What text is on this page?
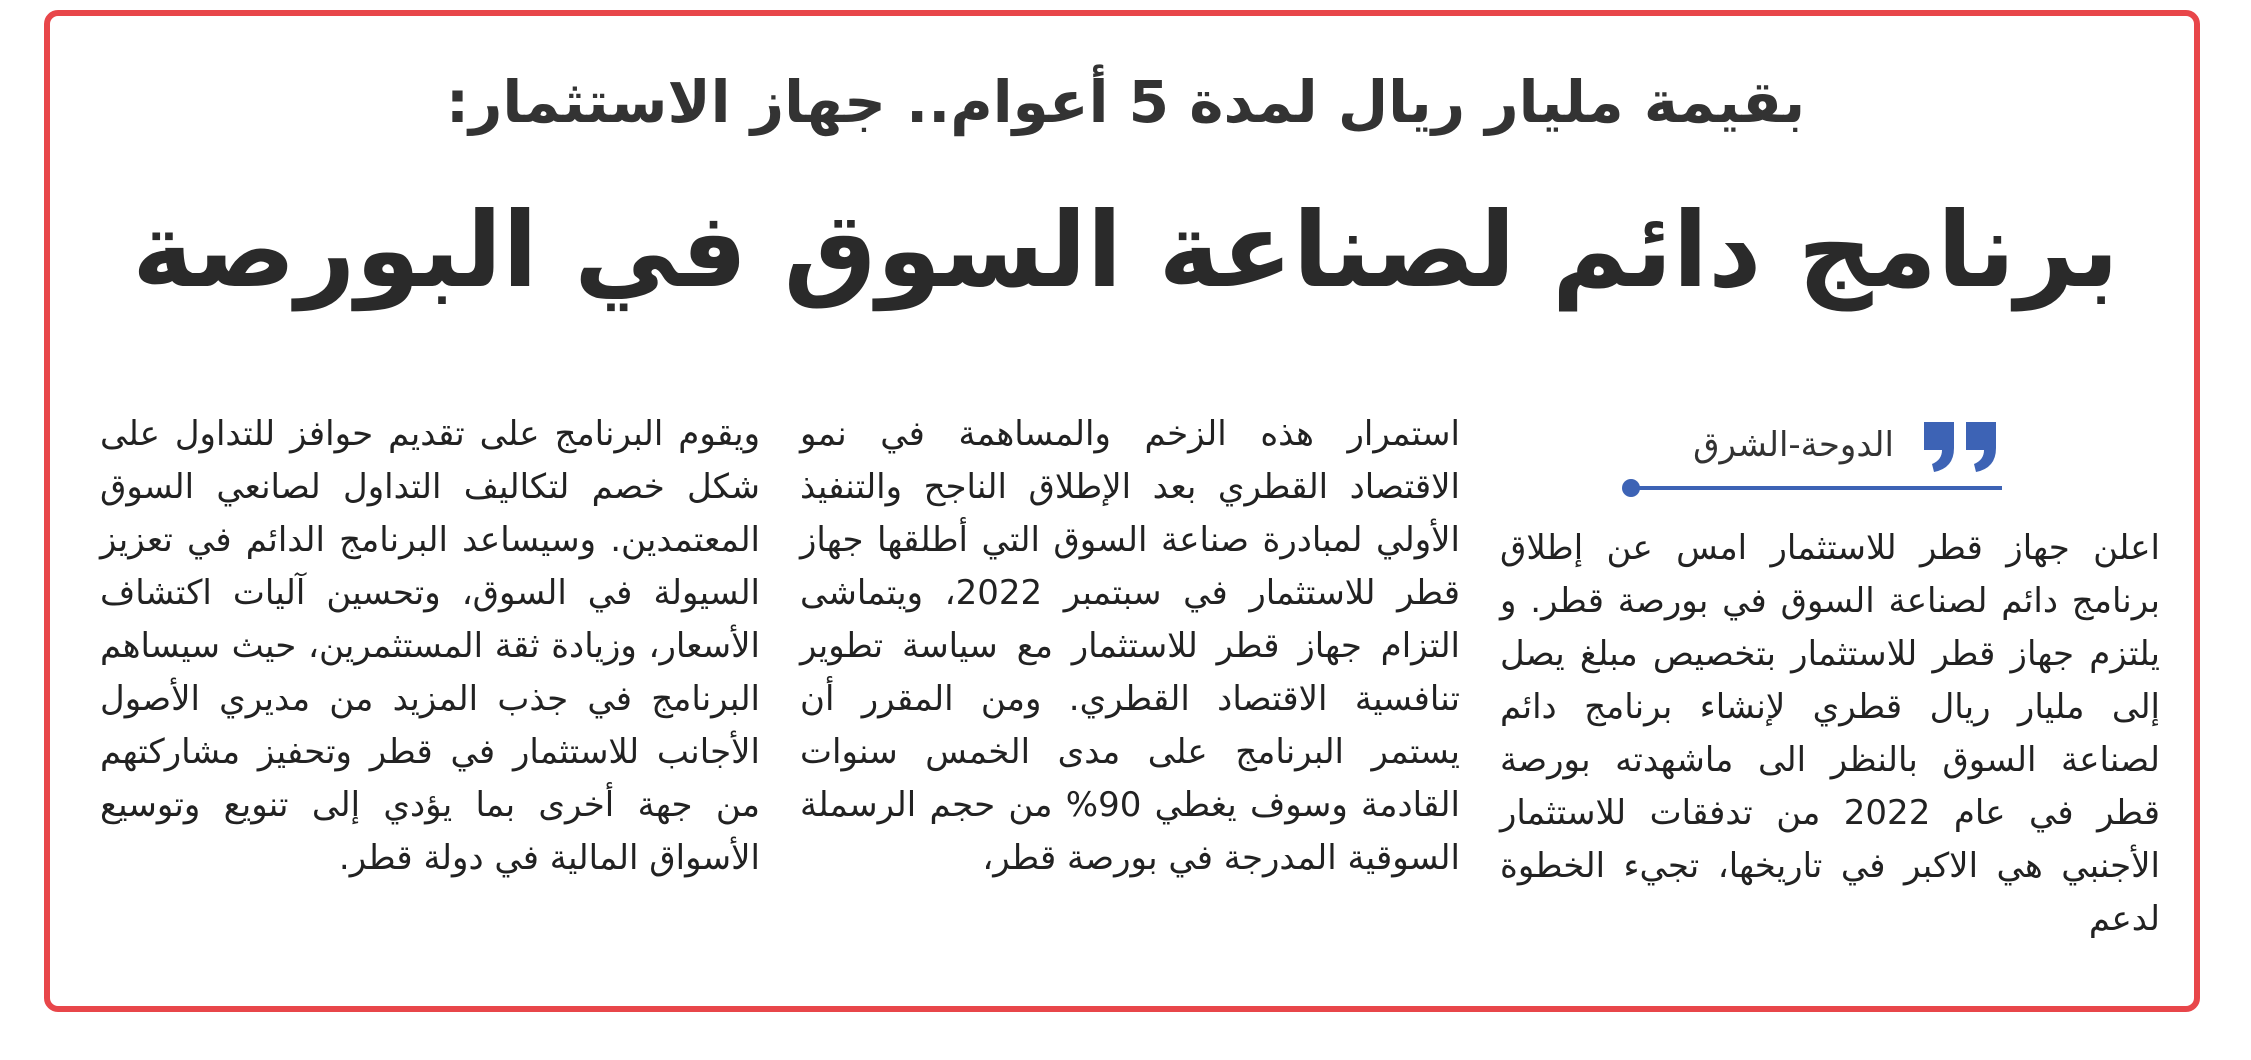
بقيمة مليار ريال لمدة 5 أعوام.. جهاز الاستثمار:
برنامج دائم لصناعة السوق في البورصة
الدوحة-الشرق

اعلن جهاز قطر للاستثمار امس عن إطلاق برنامج دائم لصناعة السوق في بورصة قطر. و يلتزم جهاز قطر للاستثمار بتخصيص مبلغ يصل إلى مليار ريال قطري لإنشاء برنامج دائم لصناعة السوق بالنظر الى ماشهدته بورصة قطر في عام 2022 من تدفقات للاستثمار الأجنبي هي الاكبر في تاريخها، تجيء الخطوة لدعم

استمرار هذه الزخم والمساهمة في نمو الاقتصاد القطري بعد الإطلاق الناجح والتنفيذ الأولي لمبادرة صناعة السوق التي أطلقها جهاز قطر للاستثمار في سبتمبر 2022، ويتماشى التزام جهاز قطر للاستثمار مع سياسة تطوير تنافسية الاقتصاد القطري. ومن المقرر أن يستمر البرنامج على مدى الخمس سنوات القادمة وسوف يغطي 90% من حجم الرسملة السوقية المدرجة في بورصة قطر،

ويقوم البرنامج على تقديم حوافز للتداول على شكل خصم لتكاليف التداول لصانعي السوق المعتمدين. وسيساعد البرنامج الدائم في تعزيز السيولة في السوق، وتحسين آليات اكتشاف الأسعار، وزيادة ثقة المستثمرين، حيث سيساهم البرنامج في جذب المزيد من مديري الأصول الأجانب للاستثمار في قطر وتحفيز مشاركتهم من جهة أخرى بما يؤدي إلى تنويع وتوسيع الأسواق المالية في دولة قطر.
